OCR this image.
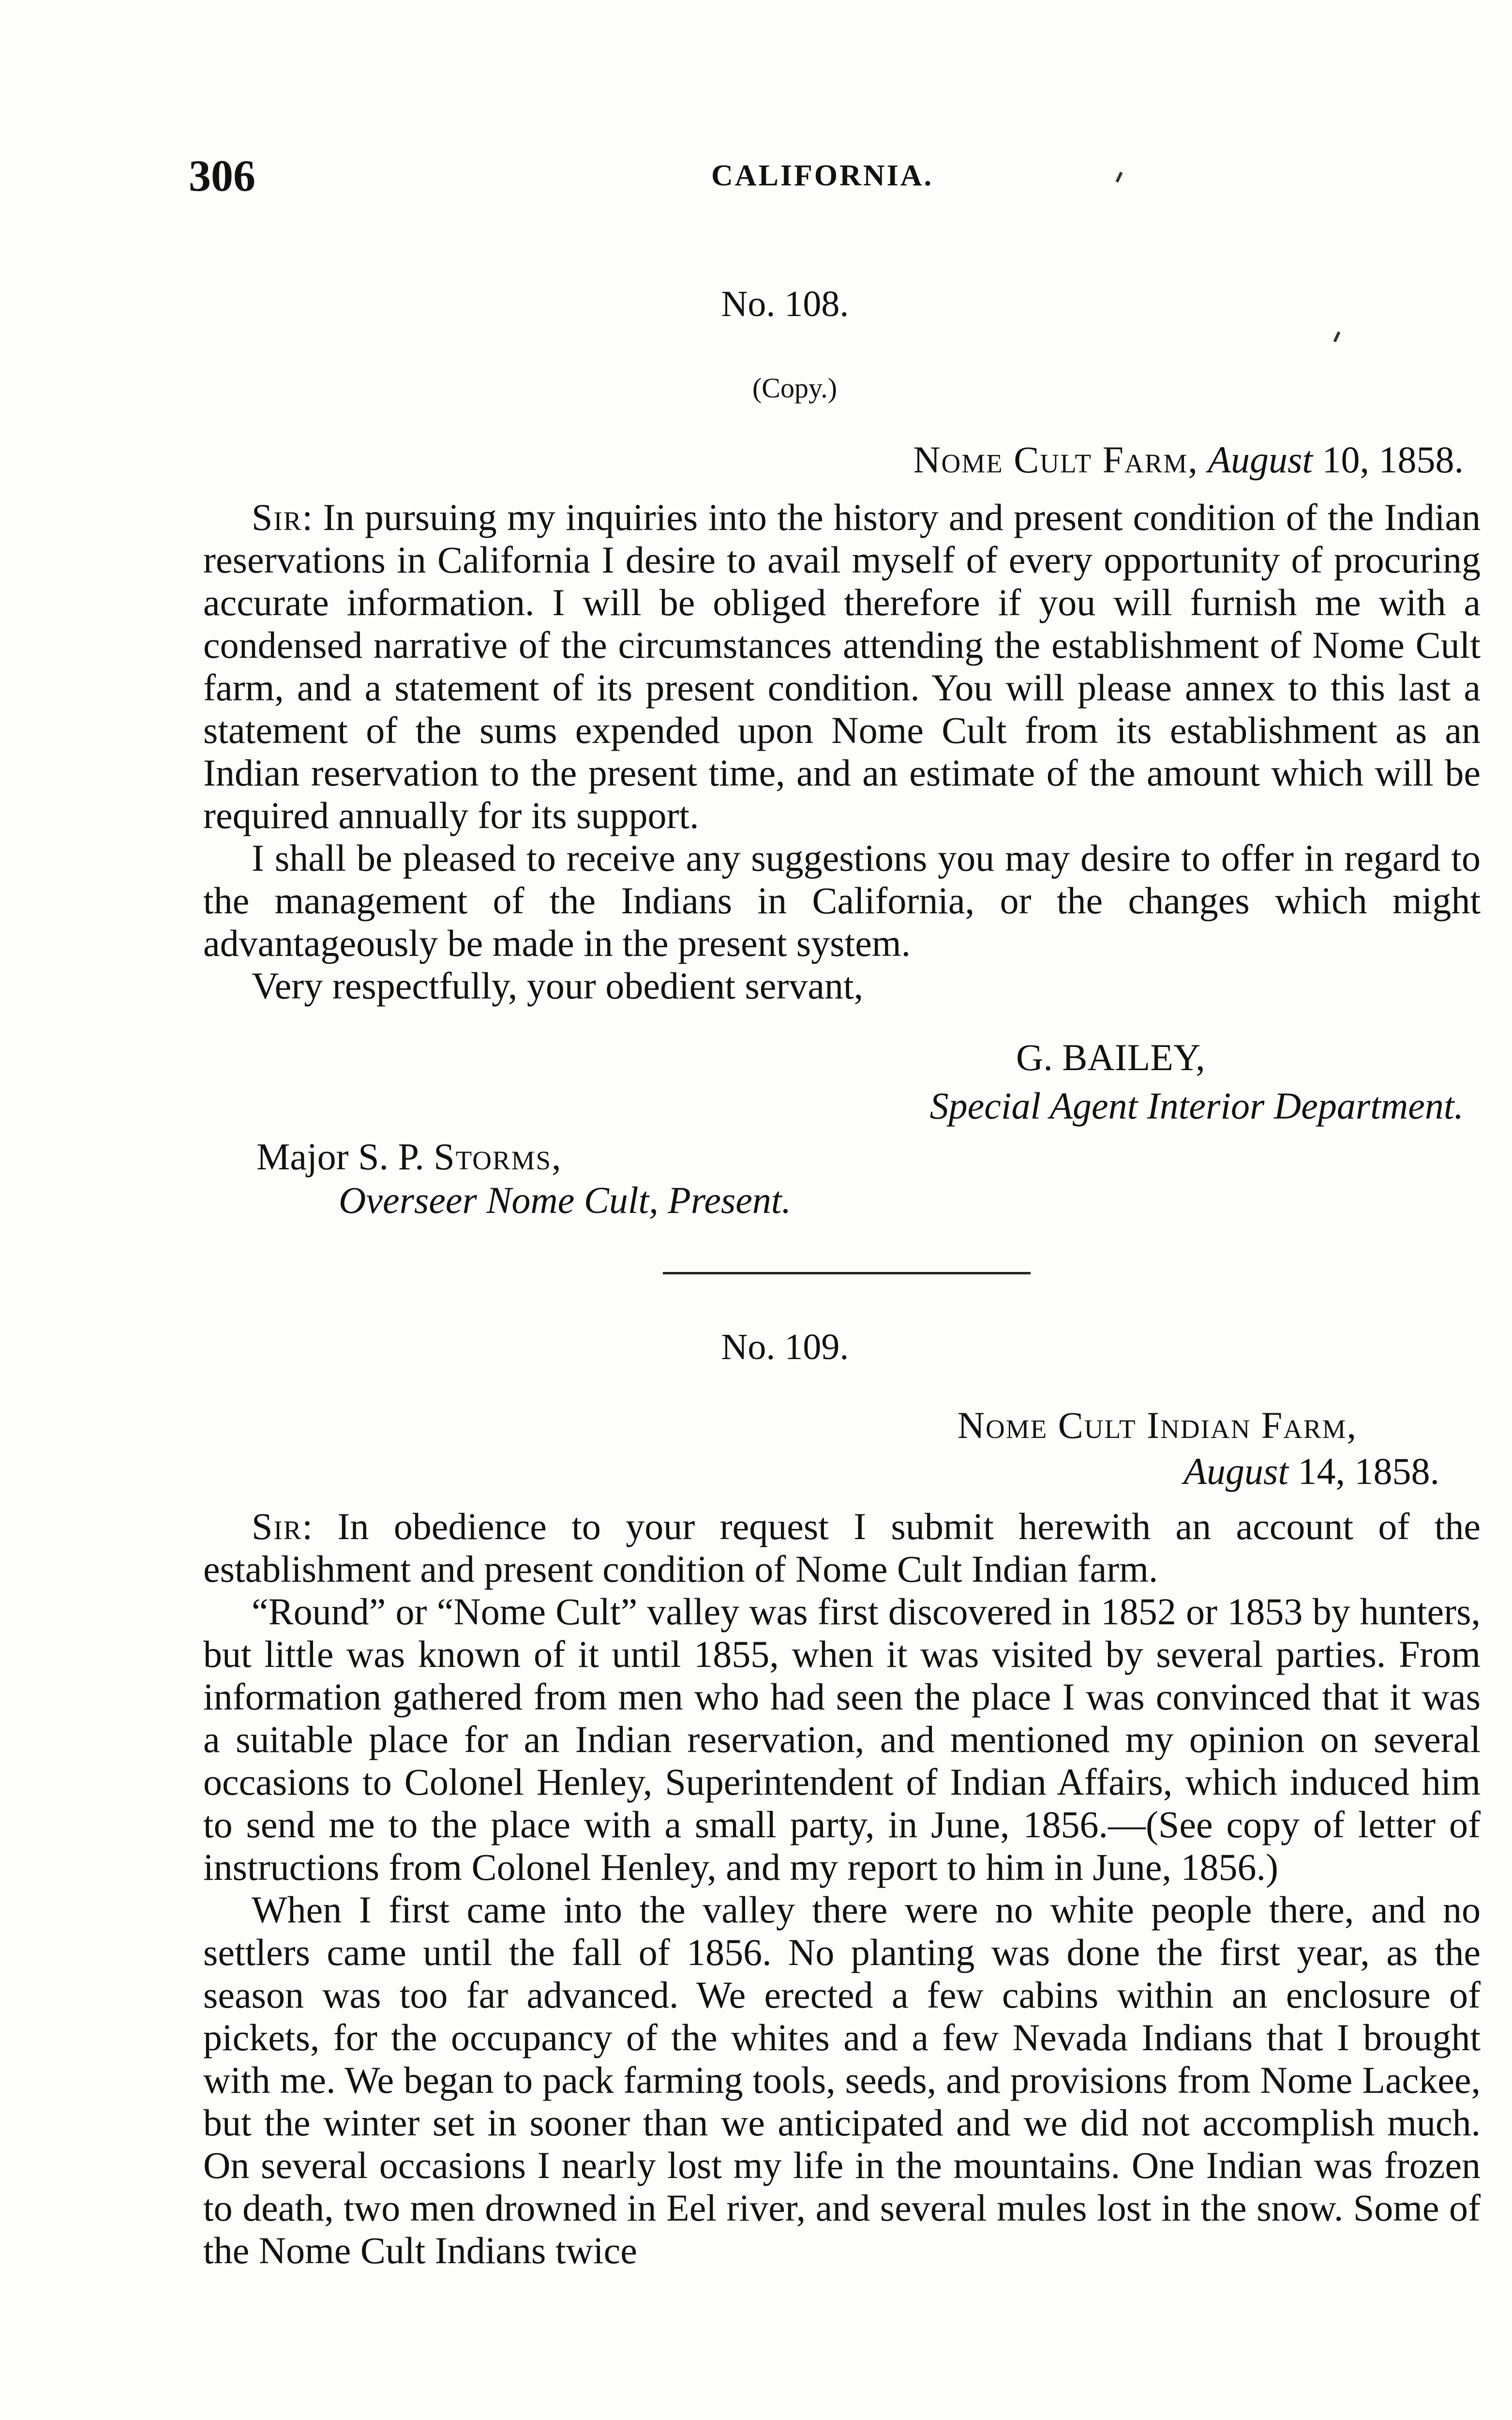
306	CALIFORNIA.
No. 108.
(Copy.)
Nome Cult Farm, August 10, 1858.

Sir: In pursuing my inquiries into the history and present condition of the Indian reservations in California I desire to avail myself of every opportunity of procuring accurate information. I will be obliged therefore if you will furnish me with a condensed narrative of the circumstances attending the establishment of Nome Cult farm, and a statement of its present condition. You will please annex to this last a statement of the sums expended upon Nome Cult from its establishment as an Indian reservation to the present time, and an estimate of the amount which will be required annually for its support.

I shall be pleased to receive any suggestions you may desire to offer in regard to the management of the Indians in California, or the changes which might advantageously be made in the present system.

Very respectfully, your obedient servant,

G. BAILEY,
Special Agent Interior Department.
Major S. P. Storms,
Overseer Nome Cult, Present.
No. 109.
Nome Cult Indian Farm,
August 14, 1858.

Sir: In obedience to your request I submit herewith an account of the establishment and present condition of Nome Cult Indian farm.

“Round” or “Nome Cult” valley was first discovered in 1852 or 1853 by hunters, but little was known of it until 1855, when it was visited by several parties. From information gathered from men who had seen the place I was convinced that it was a suitable place for an Indian reservation, and mentioned my opinion on several occasions to Colonel Henley, Superintendent of Indian Affairs, which induced him to send me to the place with a small party, in June, 1856.—(See copy of letter of instructions from Colonel Henley, and my report to him in June, 1856.)

When I first came into the valley there were no white people there, and no settlers came until the fall of 1856. No planting was done the first year, as the season was too far advanced. We erected a few cabins within an enclosure of pickets, for the occupancy of the whites and a few Nevada Indians that I brought with me. We began to pack farming tools, seeds, and provisions from Nome Lackee, but the winter set in sooner than we anticipated and we did not accomplish much. On several occasions I nearly lost my life in the mountains. One Indian was frozen to death, two men drowned in Eel river, and several mules lost in the snow. Some of the Nome Cult Indians twice
